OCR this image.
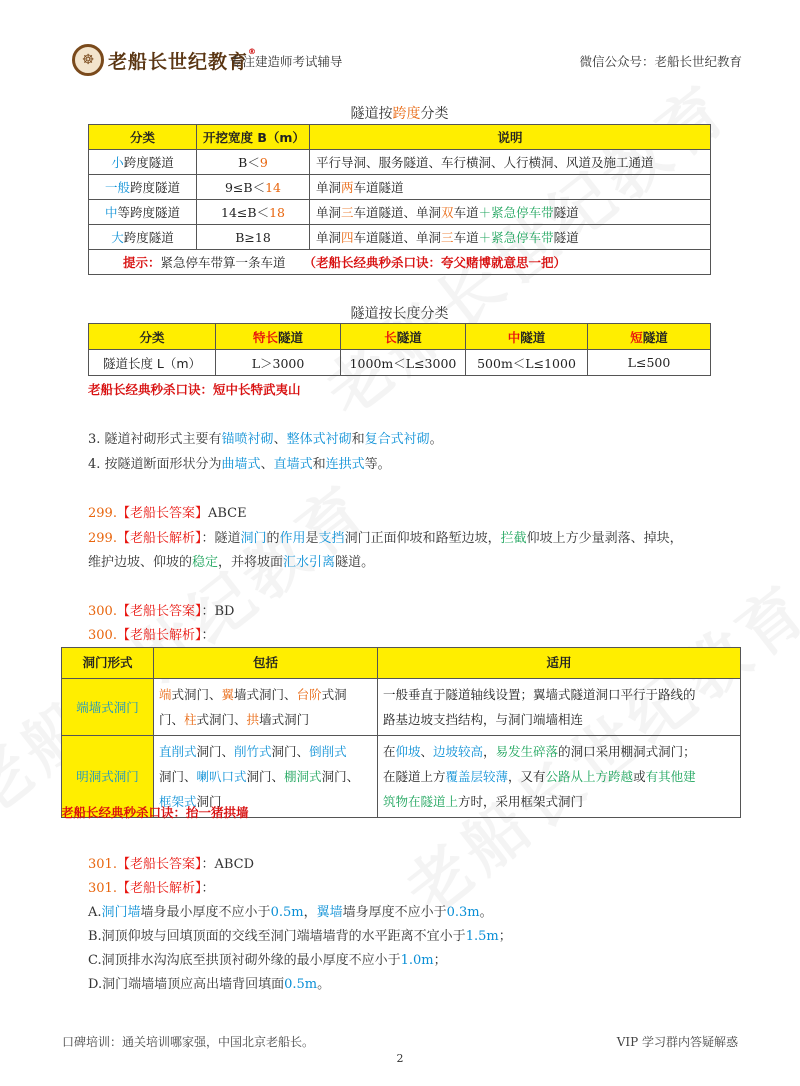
☸ 老船长世纪教育®
专注建造师考试辅导	微信公众号：老船长世纪教育
隧道按跨度分类
分类	开挖宽度 B（m）	说明
小跨度隧道	B＜9	平行导洞、服务隧道、车行横洞、人行横洞、风道及施工通道
一般跨度隧道	9≤B＜14	单洞两车道隧道
中等跨度隧道	14≤B＜18	单洞三车道隧道、单洞双车道＋紧急停车带隧道
大跨度隧道	B≥18	单洞四车道隧道、单洞三车道＋紧急停车带隧道
提示：紧急停车带算一条车道 （老船长经典秒杀口诀：夸父赌博就意思一把）		
隧道按长度分类
分类	特长隧道	长隧道	中隧道	短隧道
隧道长度 L（m）	L＞3000	1000m＜L≤3000	500m＜L≤1000	L≤500
老船长经典秒杀口诀：短中长特武夷山
3. 隧道衬砌形式主要有锚喷衬砌、整体式衬砌和复合式衬砌。
4. 按隧道断面形状分为曲墙式、直墙式和连拱式等。
299.【老船长答案】ABCE
299.【老船长解析】：隧道洞门的作用是支挡洞门正面仰坡和路堑边坡，拦截仰坡上方少量剥落、掉块，
维护边坡、仰坡的稳定，并将坡面汇水引离隧道。
300.【老船长答案】：BD
300.【老船长解析】：
洞门形式	包括	适用
端墙式洞门	端式洞门、翼墙式洞门、台阶式洞
门、柱式洞门、拱墙式洞门	一般垂直于隧道轴线设置；翼墙式隧道洞口平行于路线的
路基边坡支挡结构，与洞门端墙相连
明洞式洞门	直削式洞门、削竹式洞门、倒削式
洞门、喇叭口式洞门、棚洞式洞门、
框架式洞门	在仰坡、边坡较高，易发生碎落的洞口采用棚洞式洞门；
在隧道上方覆盖层较薄，又有公路从上方跨越或有其他建
筑物在隧道上方时，采用框架式洞门
老船长经典秒杀口诀：抬一猪拱墙
301.【老船长答案】：ABCD
301.【老船长解析】：
A.洞门墙墙身最小厚度不应小于0.5m，翼墙墙身厚度不应小于0.3m。
B.洞顶仰坡与回填顶面的交线至洞门端墙墙背的水平距离不宜小于1.5m；
C.洞顶排水沟沟底至拱顶衬砌外缘的最小厚度不应小于1.0m；
D.洞门端墙墙顶应高出墙背回填面0.5m。
口碑培训：通关培训哪家强，中国北京老船长。	VIP 学习群内答疑解惑
2
